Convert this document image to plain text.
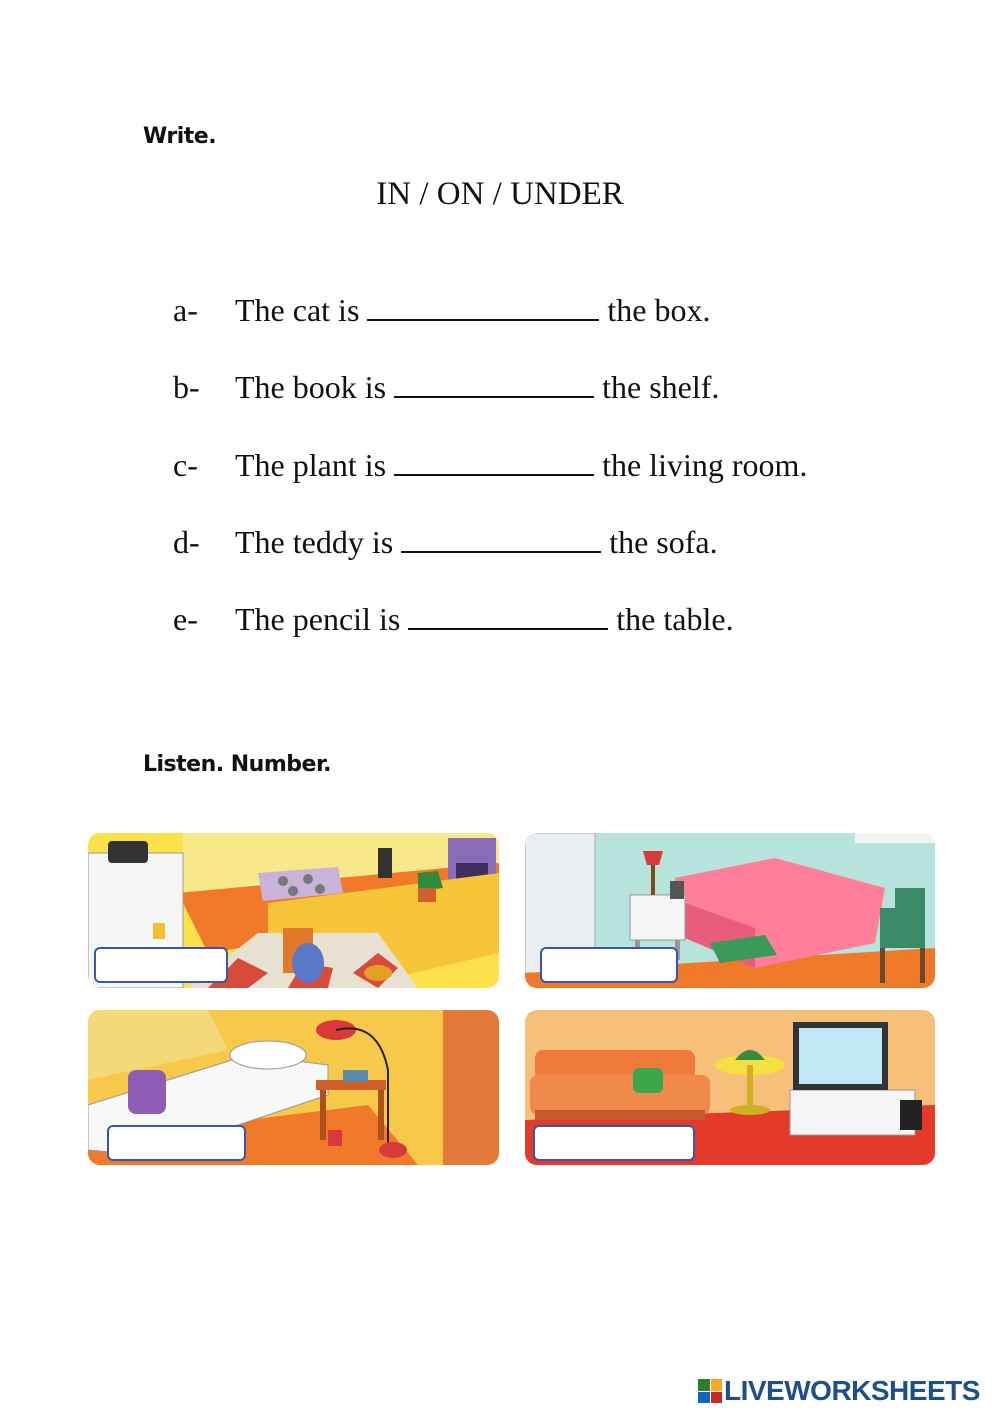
Write.
IN / ON / UNDER
a- The cat is	the box.
b- The book is	the shelf.
c- The plant is	the living room.
d- The teddy is	the sofa.
e- The pencil is	the table.
Listen. Number.
LIVEWORKSHEETS
